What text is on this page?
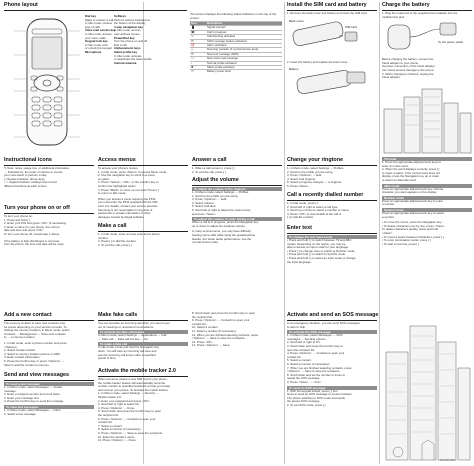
Phone layout
Dial key
Make or answer a call.
In Idle mode, retrieve
logs of calls
Voice mail service key
In Idle mode, access
your voice mails
Keypad lock key
In Idle mode, lock
or unlock the keypad
Microphone
Softkeys
Perform actions indicated at
the bottom of the display
4-way navigation key
In Idle mode, access
user-defined menus
Power/End key
Turn the phone on and off
End a call
Alphanumeric keys
Silent profile key
In Idle mode, activate
or deactivate the silent profile
Internal antenna
Your phone displays the following status indicators on the top of the screen:
Icon	Description
▐▌	Signal strength
☎	Call in progress
↪	Call diverting activated
✉	SOS message feature activated
⏰	Alarm activated
△	Roaming (outside of normal service area)
✉	New text message (SMS)
○○	New voice mail message
♪	Normal profile activated
✖	Silent profile activated
▭	Battery power level
Install the SIM card and battery
1. Remove the back cover and battery and insert the SIM card.
Back cover
SIM card
2. Insert the battery and replace the back cover.
Battery
Charge the battery
1. Plug the small end of the supplied travel adapter into the multifunction jack.
To AC power outlet
Before charging the battery, connect the
travel adapter to your phone.
Improper connection of the travel adapter
can cause serious damage to the phone.
2. When charging is finished, unplug the
travel adapter.
Instructional icons
✎ Note: notes, usage tips, or additional information
→ Followed by: the order of options or menus
you must select to perform a step
[ ] Square brackets: phone keys
< > Angled brackets: softkeys that control
different functions at each screen
Turn your phone on or off
To turn your phone on,
1. Press and hold [ ].
2. Enter your PIN and press <OK> (if necessary).
3. Enter a name for your phone, the current
date and time and press <OK>.
To turn your phone off, repeat step 1 above.
If the battery is fully discharged or removed
from the phone, the time and date will be reset.
Access menus
To access your phone's menus,
1. In Idle mode, press <Menu> to access Menu mode.
2. Use the navigation key to scroll to a menu
or option.
3. Press <Select>, <OK>, or the Confirm key to
confirm the highlighted option.
4. Press <Back> to move up one level; Press [ ]
to return to Idle mode.
When you access a menu requiring the PIN2,
you must enter the PIN2 supplied with the SIM
card. For details, contact your service provider.
Samsung is not responsible for any loss of
passwords or private information or other
damages caused by illegal software.
Make a call
1. In Idle mode, enter an area code and a phone
number.
2. Press [ ] to dial the number.
3. To end the call, press [ ].
Answer a call
1. When a call comes in, press [ ].
2. To end the call, press [ ].
Adjust the volume
To adjust the volume of the ringtone
1. In Menu mode, select Settings → Profiles.
2. Scroll to the profile you are using.
3. Press <Options> → Edit.
4. Select Volume.
5. Select Call alert.
6. Scroll left or right to adjust the volume level
and press <Save>.
To adjust the volume of voice during a call
When a call is in progress, press the Navigation key
up or down to adjust the earpiece volume.
In noisy environments, you may have difficulty
hearing some calls while using the speakerphone
feature. For better audio performance, use the
normal phone mode.
Change your ringtone
1. In Menu mode, select Settings → Profiles.
2. Scroll to the profile you are using.
3. Press <Options> → Edit.
4. Select Call ringtone.
5. Select a ringtone category → a ringtone.
6. Press <Save>.
Call a recently dialled number
1. In Idle mode, press [ ].
2. Scroll left or right to select a call type.
3. Scroll up or down to select a number or name.
4. Press <OK> to view details of the call or
[ ] to dial the number.
Enter text
To change the text input mode
• Press and hold [ ] to switch between T9 and ABC
modes. Depending on the region, you may be
able to access an input mode for your language.
• Press [ ] to change case or switch to Number mode.
• Press and hold [ ] to switch to Symbol mode.
• Press and hold [ ] to select an input mode or change
the input language.
T9 mode
1. Press the appropriate alphanumeric keys to
enter an entire word.
2. When the word displays correctly, press [ ]
to insert a space. If the correct word does not
display, press the Navigation key up or down
to select an alternate word.
ABC mode
Press an appropriate alphanumeric key until the
character you want appears on the display.
Number mode
Press an appropriate alphanumeric key to enter
a number.
Symbol mode
Press an appropriate alphanumeric key to select
a symbol.
• To move the cursor, press the Navigation key.
• To delete characters one by one, press <Clear>.
To delete characters quickly, press and hold
<Clear>.
• To insert a space between characters, press [ ].
• To enter punctuation marks, press [ ].
• To start a new line, press [ ].
Add a new contact
The memory location to save new contacts may
be preset depending on your service provider. To
change the memory location, in Menu mode, select
Contacts → Management → Save new contacts
to → a memory location.
1. In Idle mode, enter a phone number and press
<Options>.
2. Select Create contact.
3. Select a memory location (phone or SIM).
4. Enter contact information.
5. Press the Confirm key or press <Options> →
Save to add the contact to memory.
Send and view messages
To send a text message
1. In Menu mode, select Messages → Create
message.
2. Enter a recipient number and scroll down.
3. Enter your message text.
4. Press the Confirm key to send the message.
To view text messages
1. In Menu mode, select Messages → Inbox.
2. Select a text message.
Make fake calls
You can simulate an incoming call when you want to get
out of meetings or unwanted conversations.
To activate the fake call feature
In Menu mode, select Settings → Applications → Call
→ Fake call → Fake call hot key → On.
To make a fake call
In Idle mode, press and hold the Navigation key
down. You will hear an incoming call tone and
see the incoming call screen after a specified
period of time.
Activate the mobile tracker 2.0
When someone inserts a new SIM card in your phone,
the mobile tracker feature will automatically send the
contact number to specified recipients to help you locate
and recover your phone. To activate the mobile tracker,
1. In Menu mode, select Settings → Security →
Mobile tracker 2.0.
2. Enter your password and press <OK>.
3. Scroll left or right to select On.
4. Press <Options> → Done.
5. Scroll down and press the Confirm key to open
the recipient list.
6. Press <Options> → Contacts to open your
contact list.
7. Select a contact.
8. Select a number (if necessary).
9. Press <Options> → Save to save the recipients.
10. Enter the sender's name.
11. Press <Options> → Done.
8. Scroll down and press the Confirm key to open
the recipient list.
9. Press <Options> → Contacts to open your
contact list.
10. Select a contact.
11. Select a number (if necessary).
12. When you are finished selecting contacts, press
<Options> → Save to save the recipients.
13. Press <OK>.
14. Press <Options> → Save.
Activate and send an SOS message
In an emergency situation, you can send SOS messages
to ask for help.
To activate the SOS message
1. In Menu mode, select Messages → SOS
messages → Sending options.
2. Scroll left or right to On.
3. Scroll down and press the Confirm key to
open the recipient list.
4. Press <Options> → Contacts to open your
contact list.
5. Select a contact.
6. Select a number (if necessary).
7. When you are finished selecting contacts, press
<Options> → Save to save the recipients.
8. Scroll down and set the number of times to
repeat the SOS message.
9. Press <Save> → <Yes>.
To send an SOS message
1. With the keypad locked, press [ ] four
times to send an SOS message to preset numbers.
The phone switches to SOS mode and sends
the preset SOS message.
2. To exit SOS mode, press [ ].
SAMSUNG
